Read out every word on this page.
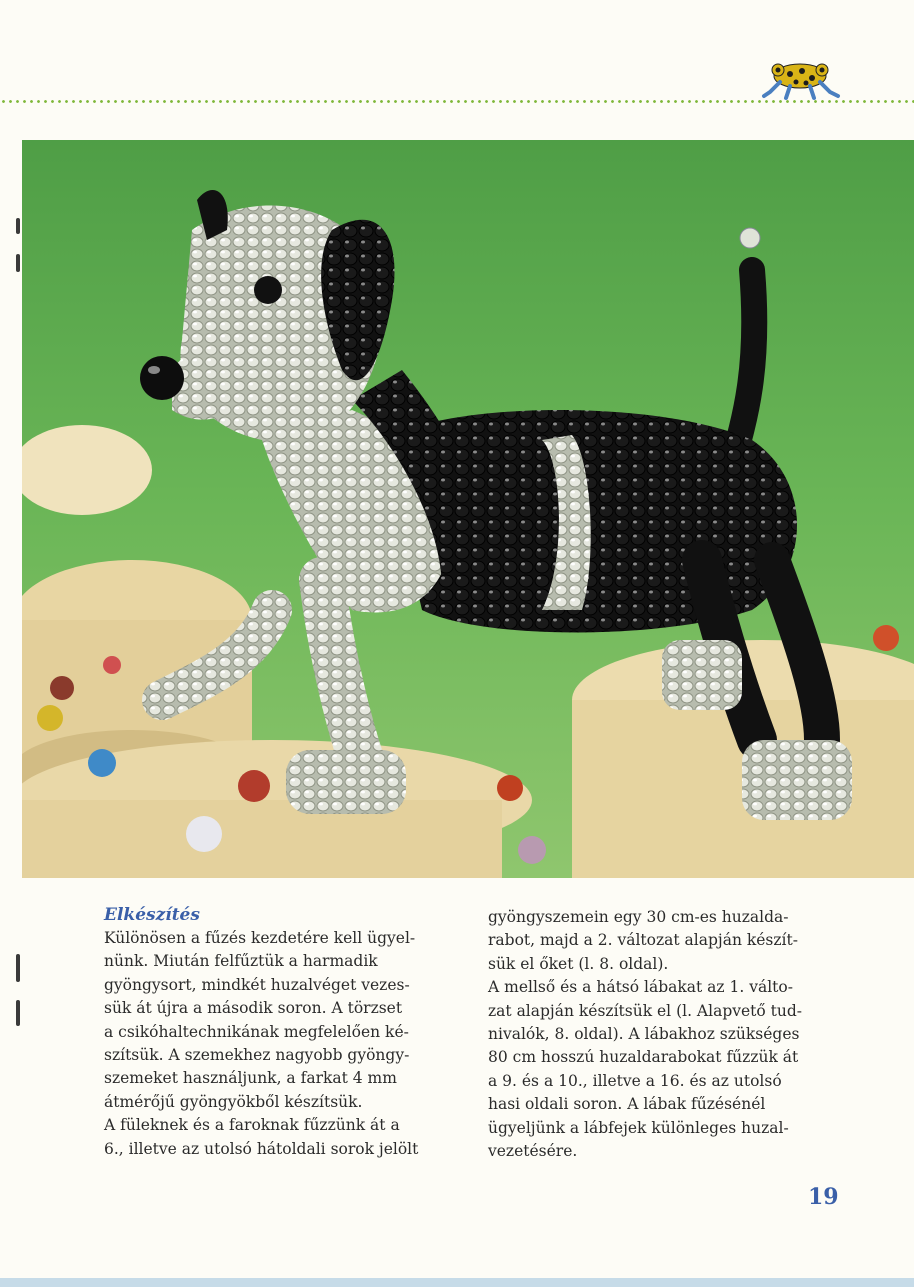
Elkészítés
Különösen a fűzés kezdetére kell ügyel-
nünk. Miután felfűztük a harmadik
gyöngysort, mindkét huzalvéget vezes-
sük át újra a második soron. A törzset
a csikóhaltechnikának megfelelően ké-
szítsük. A szemekhez nagyobb gyöngy-
szemeket használjunk, a farkat 4 mm
átmérőjű gyöngyökből készítsük.
A füleknek és a faroknak fűzzünk át a
6., illetve az utolsó hátoldali sorok jelölt
gyöngyszemein egy 30 cm-es huzalda-
rabot, majd a 2. változat alapján készít-
sük el őket (l. 8. oldal).
A mellső és a hátsó lábakat az 1. válto-
zat alapján készítsük el (l. Alapvető tud-
nivalók, 8. oldal). A lábakhoz szükséges
80 cm hosszú huzaldarabokat fűzzük át
a 9. és a 10., illetve a 16. és az utolsó
hasi oldali soron. A lábak fűzésénél
ügyeljünk a lábfejek különleges huzal-
vezetésére.
19
